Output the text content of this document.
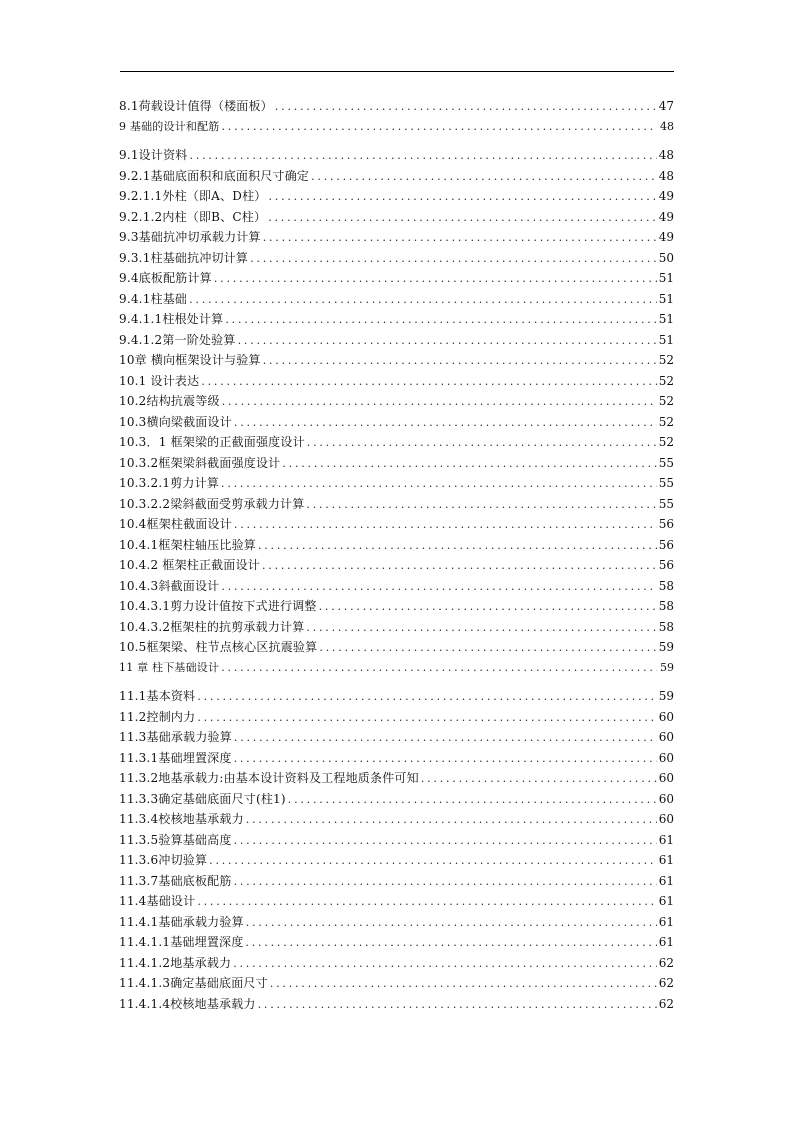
8.1荷载设计值得（楼面板） .....	47
9 基础的设计和配筋 .....	48
9.1设计资料 .....	48
9.2.1基础底面积和底面积尺寸确定 .....	48
9.2.1.1外柱（即A、D柱） .....	49
9.2.1.2内柱（即B、C柱） .....	49
9.3基础抗冲切承载力计算 .....	49
9.3.1柱基础抗冲切计算 .....	50
9.4底板配筋计算 .....	51
9.4.1柱基础 .....	51
9.4.1.1柱根处计算 .....	51
9.4.1.2第一阶处验算 .....	51
10章 横向框架设计与验算 .....	52
10.1 设计表达 .....	52
10.2结构抗震等级 .....	52
10.3横向梁截面设计 .....	52
10.3．1 框架梁的正截面强度设计 .....	52
10.3.2框架梁斜截面强度设计 .....	55
10.3.2.1剪力计算 .....	55
10.3.2.2梁斜截面受剪承载力计算 .....	55
10.4框架柱截面设计 .....	56
10.4.1框架柱轴压比验算 .....	56
10.4.2 框架柱正截面设计 .....	56
10.4.3斜截面设计 .....	58
10.4.3.1剪力设计值按下式进行调整 .....	58
10.4.3.2框架柱的抗剪承载力计算 .....	58
10.5框架梁、柱节点核心区抗震验算 .....	59
11 章 柱下基础设计 .....	59
11.1基本资料 .....	59
11.2控制内力 .....	60
11.3基础承载力验算 .....	60
11.3.1基础埋置深度 .....	60
11.3.2地基承载力:由基本设计资料及工程地质条件可知 .....	60
11.3.3确定基础底面尺寸(柱1) .....	60
11.3.4校核地基承载力 .....	60
11.3.5验算基础高度 .....	61
11.3.6冲切验算 .....	61
11.3.7基础底板配筋 .....	61
11.4基础设计 .....	61
11.4.1基础承载力验算 .....	61
11.4.1.1基础埋置深度 .....	61
11.4.1.2地基承载力 .....	62
11.4.1.3确定基础底面尺寸 .....	62
11.4.1.4校核地基承载力 .....	62
